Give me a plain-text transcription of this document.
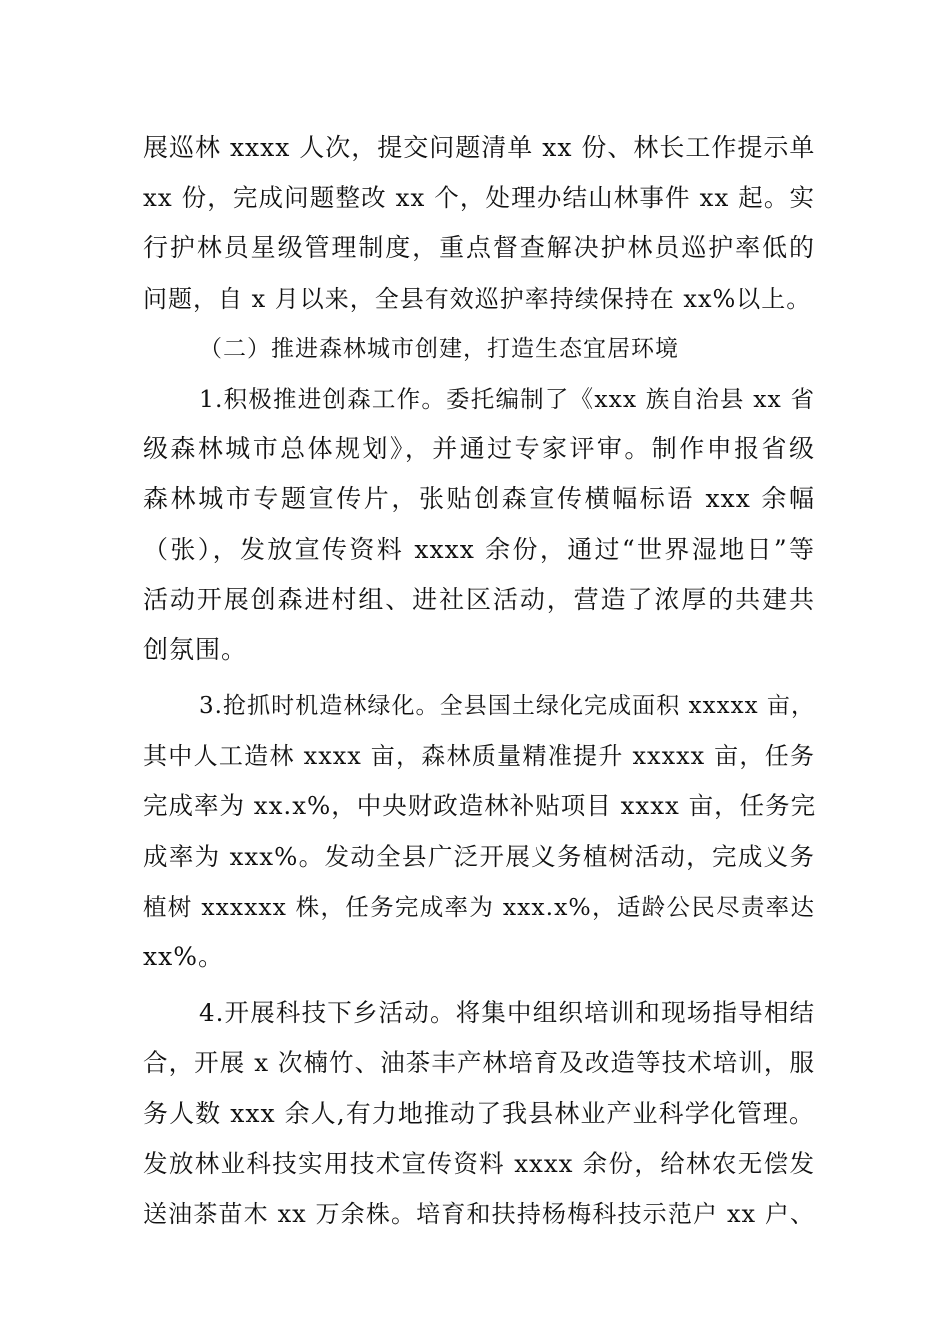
展巡林 xxxx 人次，提交问题清单 xx 份、林长工作提示单
xx 份，完成问题整改 xx 个，处理办结山林事件 xx 起。实
行护林员星级管理制度，重点督查解决护林员巡护率低的
问题，自 x 月以来，全县有效巡护率持续保持在 xx%以上。
（二）推进森林城市创建，打造生态宜居环境
1.积极推进创森工作。委托编制了《xxx 族自治县 xx 省
级森林城市总体规划》，并通过专家评审。制作申报省级
森林城市专题宣传片，张贴创森宣传横幅标语 xxx 余幅
（张），发放宣传资料 xxxx 余份，通过“世界湿地日”等
活动开展创森进村组、进社区活动，营造了浓厚的共建共
创氛围。
3.抢抓时机造林绿化。全县国土绿化完成面积 xxxxx 亩，
其中人工造林 xxxx 亩，森林质量精准提升 xxxxx 亩，任务
完成率为 xx.x%，中央财政造林补贴项目 xxxx 亩，任务完
成率为 xxx%。发动全县广泛开展义务植树活动，完成义务
植树 xxxxxx 株，任务完成率为 xxx.x%，适龄公民尽责率达
xx%。
4.开展科技下乡活动。将集中组织培训和现场指导相结
合，开展 x 次楠竹、油茶丰产林培育及改造等技术培训，服
务人数 xxx 余人,有力地推动了我县林业产业科学化管理。
发放林业科技实用技术宣传资料 xxxx 余份，给林农无偿发
送油茶苗木 xx 万余株。培育和扶持杨梅科技示范户 xx 户、
